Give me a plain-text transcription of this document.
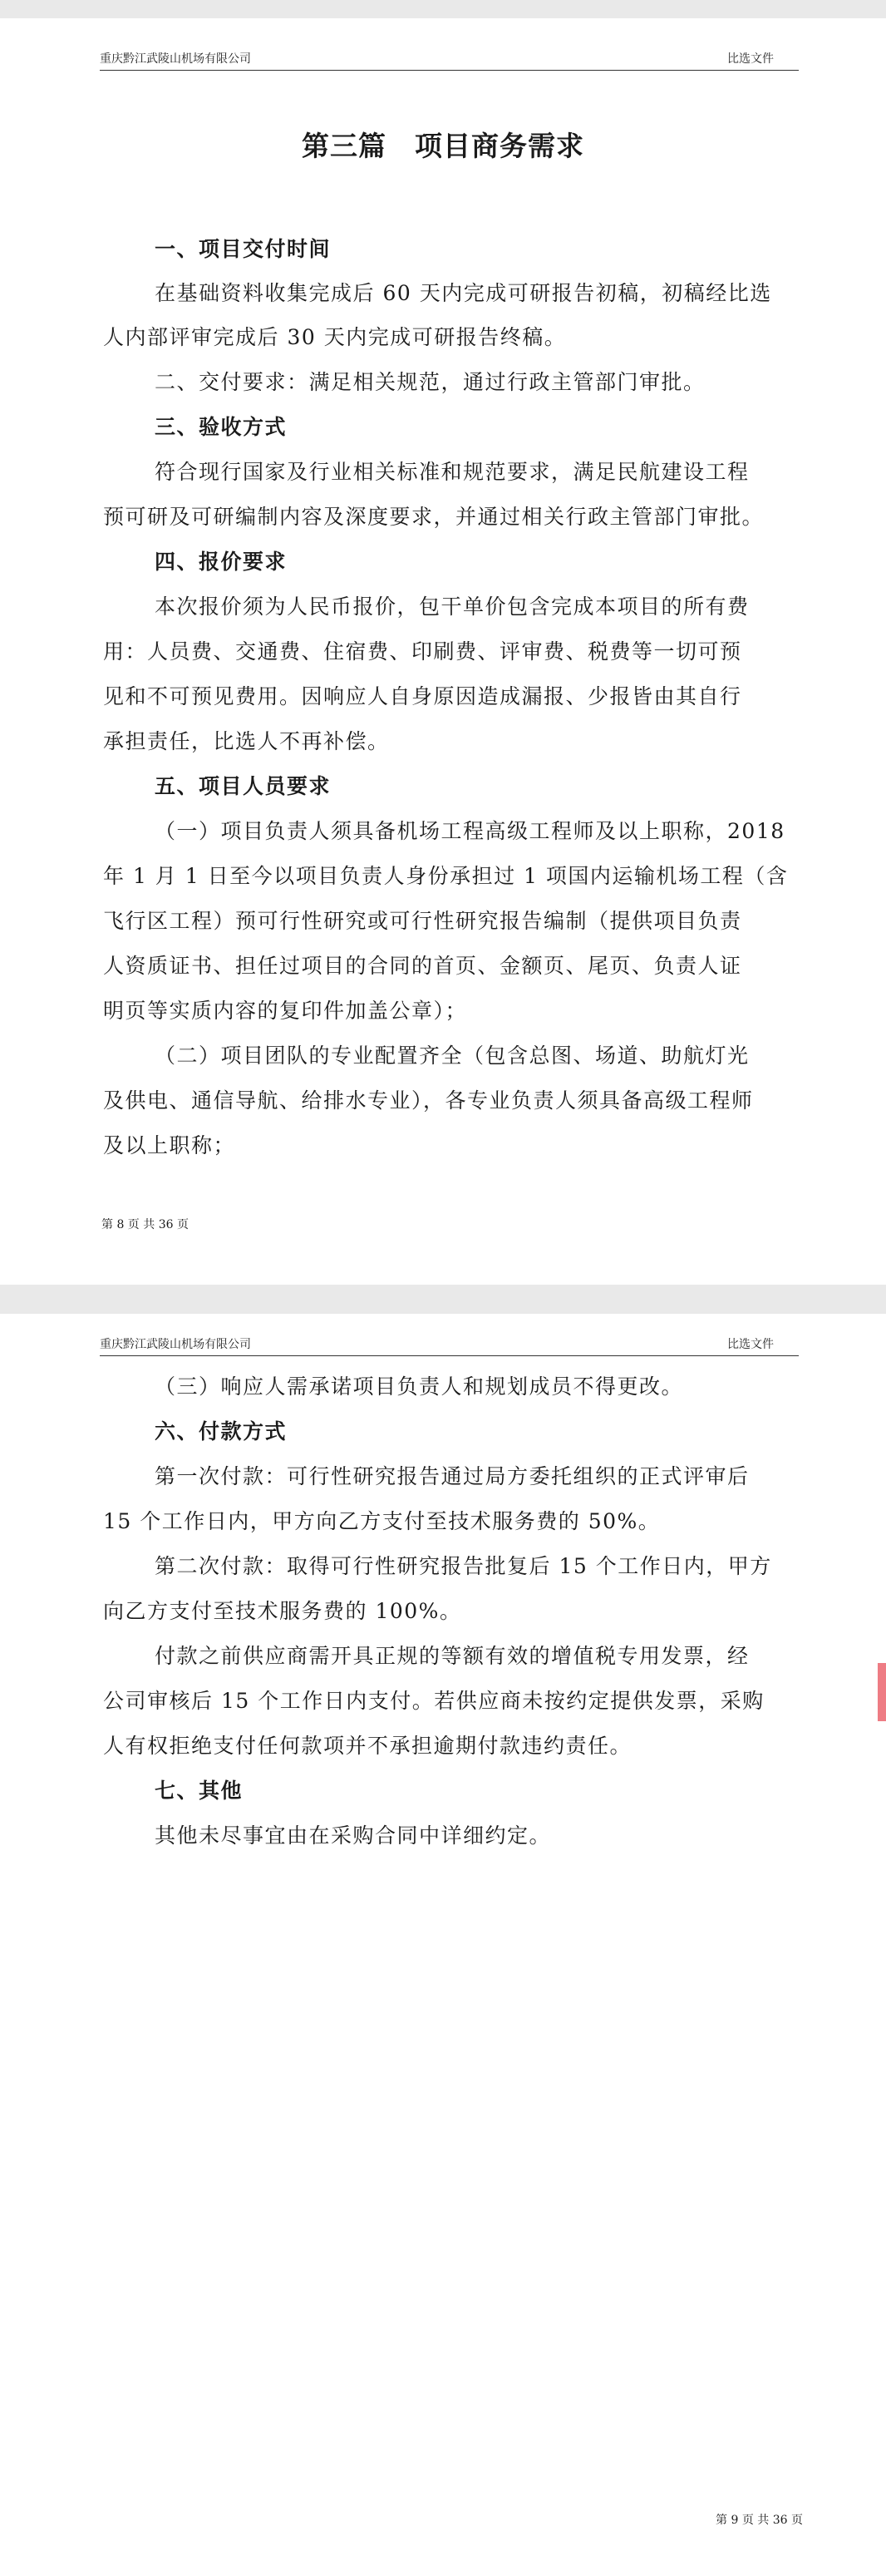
重庆黔江武陵山机场有限公司	比选文件
第三篇　项目商务需求
一、项目交付时间
在基础资料收集完成后 60 天内完成可研报告初稿，初稿经比选
人内部评审完成后 30 天内完成可研报告终稿。
二、交付要求：满足相关规范，通过行政主管部门审批。
三、验收方式
符合现行国家及行业相关标准和规范要求，满足民航建设工程
预可研及可研编制内容及深度要求，并通过相关行政主管部门审批。
四、报价要求
本次报价须为人民币报价，包干单价包含完成本项目的所有费
用：人员费、交通费、住宿费、印刷费、评审费、税费等一切可预
见和不可预见费用。因响应人自身原因造成漏报、少报皆由其自行
承担责任，比选人不再补偿。
五、项目人员要求
（一）项目负责人须具备机场工程高级工程师及以上职称，2018
年 1 月 1 日至今以项目负责人身份承担过 1 项国内运输机场工程（含
飞行区工程）预可行性研究或可行性研究报告编制（提供项目负责
人资质证书、担任过项目的合同的首页、金额页、尾页、负责人证
明页等实质内容的复印件加盖公章）；
（二）项目团队的专业配置齐全（包含总图、场道、助航灯光
及供电、通信导航、给排水专业），各专业负责人须具备高级工程师
及以上职称；
第 8 页 共 36 页
重庆黔江武陵山机场有限公司	比选文件
（三）响应人需承诺项目负责人和规划成员不得更改。
六、付款方式
第一次付款：可行性研究报告通过局方委托组织的正式评审后
15 个工作日内，甲方向乙方支付至技术服务费的 50%。
第二次付款：取得可行性研究报告批复后 15 个工作日内，甲方
向乙方支付至技术服务费的 100%。
付款之前供应商需开具正规的等额有效的增值税专用发票，经
公司审核后 15 个工作日内支付。若供应商未按约定提供发票，采购
人有权拒绝支付任何款项并不承担逾期付款违约责任。
七、其他
其他未尽事宜由在采购合同中详细约定。
第 9 页 共 36 页
